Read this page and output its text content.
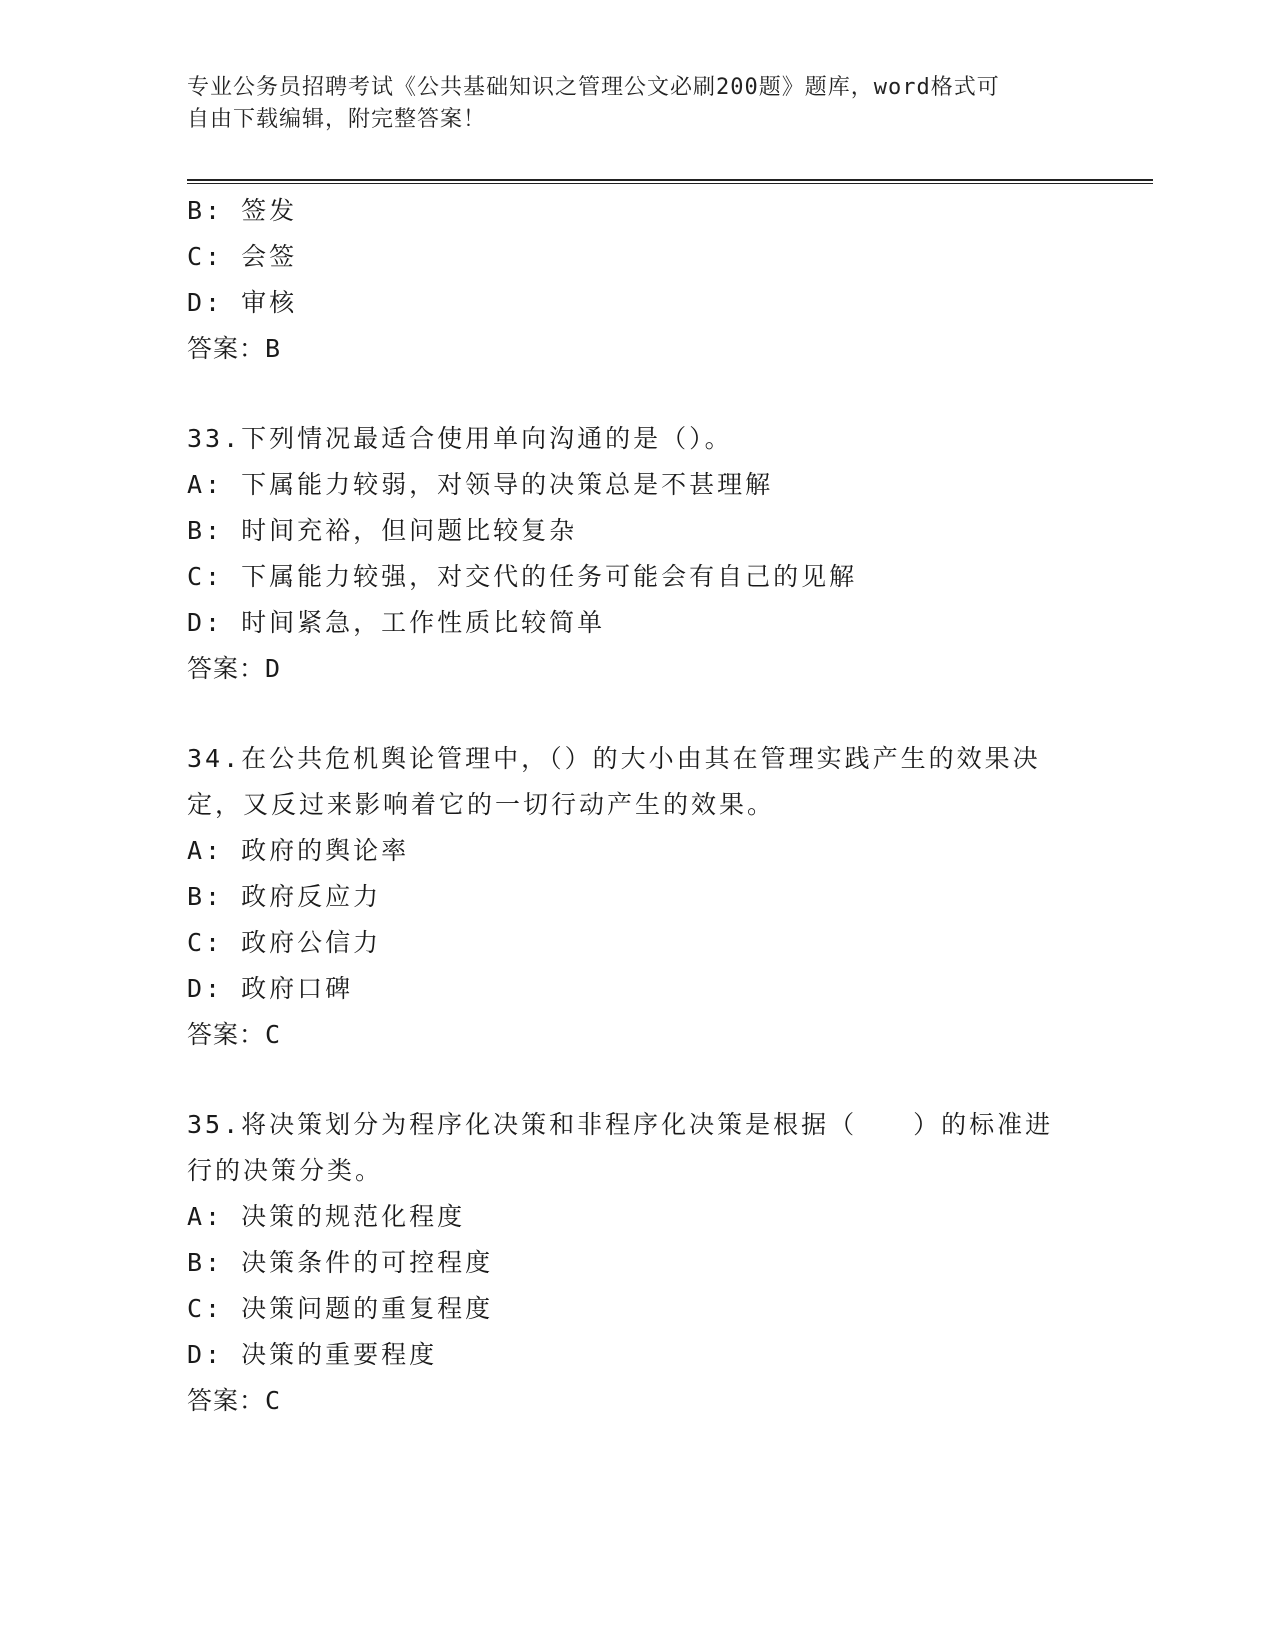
专业公务员招聘考试《公共基础知识之管理公文必刷200题》题库，word格式可
自由下载编辑，附完整答案！
B: 签发
C: 会签
D: 审核
答案：B
33.下列情况最适合使用单向沟通的是（）。
A: 下属能力较弱，对领导的决策总是不甚理解
B: 时间充裕，但问题比较复杂
C: 下属能力较强，对交代的任务可能会有自己的见解
D: 时间紧急，工作性质比较简单
答案：D
34.在公共危机舆论管理中，（）的大小由其在管理实践产生的效果决
定，又反过来影响着它的一切行动产生的效果。
A: 政府的舆论率
B: 政府反应力
C: 政府公信力
D: 政府口碑
答案：C
35.将决策划分为程序化决策和非程序化决策是根据（　　）的标准进
行的决策分类。
A: 决策的规范化程度
B: 决策条件的可控程度
C: 决策问题的重复程度
D: 决策的重要程度
答案：C
